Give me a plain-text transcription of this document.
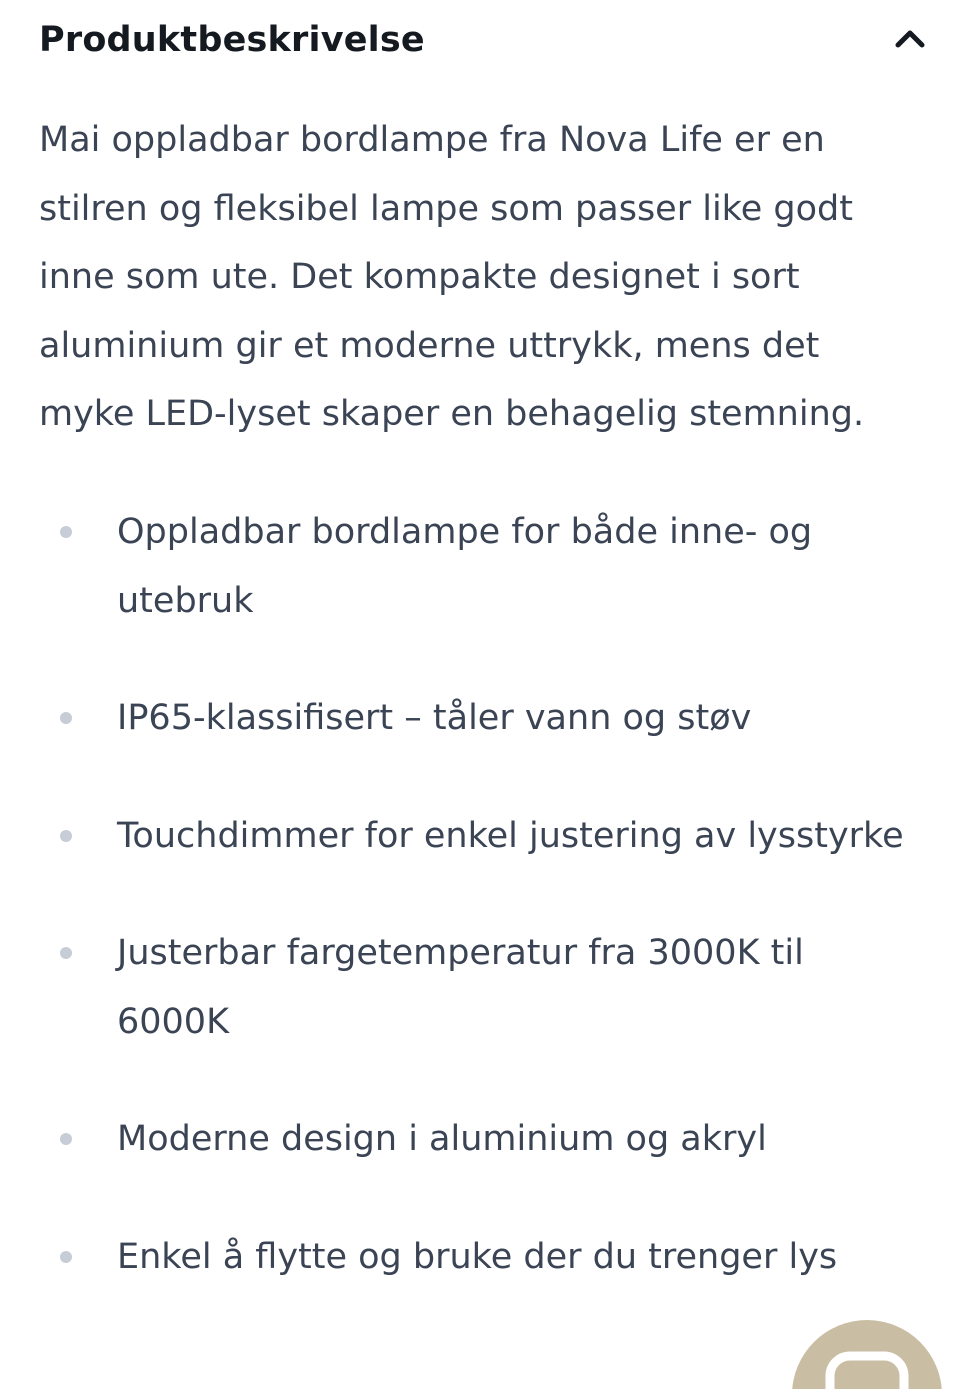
Produktbeskrivelse

Mai oppladbar bordlampe fra Nova Life er en stilren og fleksibel lampe som passer like godt inne som ute. Det kompakte designet i sort aluminium gir et moderne uttrykk, mens det myke LED-lyset skaper en behagelig stemning.

Oppladbar bordlampe for både inne- og utebruk
IP65-klassifisert – tåler vann og støv
Touchdimmer for enkel justering av lysstyrke
Justerbar fargetemperatur fra 3000K til 6000K
Moderne design i aluminium og akryl
Enkel å flytte og bruke der du trenger lys
